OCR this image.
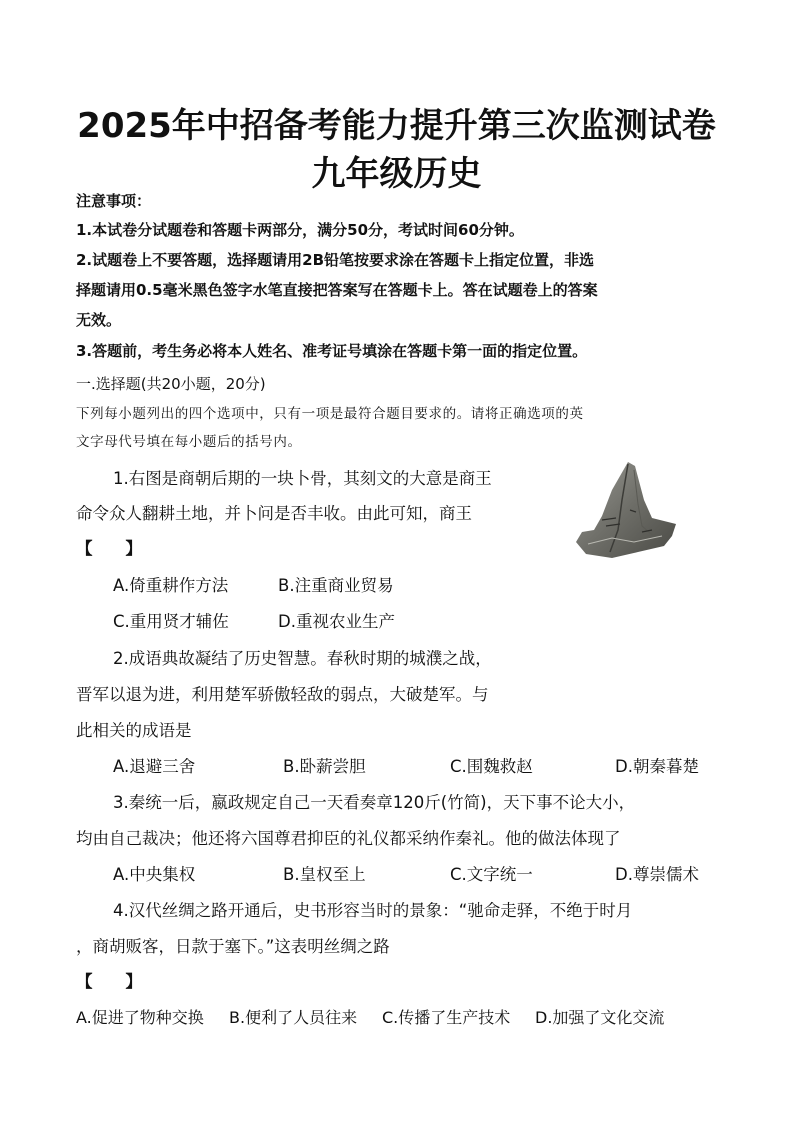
2025年中招备考能力提升第三次监测试卷
九年级历史
注意事项：
1.本试卷分试题卷和答题卡两部分，满分50分，考试时间60分钟。
2.试题卷上不要答题，选择题请用2B铅笔按要求涂在答题卡上指定位置，非选
择题请用0.5毫米黑色签字水笔直接把答案写在答题卡上。答在试题卷上的答案
无效。
3.答题前，考生务必将本人姓名、准考证号填涂在答题卡第一面的指定位置。
一.选择题(共20小题，20分)
下列每小题列出的四个选项中，只有一项是最符合题目要求的。请将正确选项的英
文字母代号填在每小题后的括号内。
1.右图是商朝后期的一块卜骨，其刻文的大意是商王
命令众人翻耕土地，并卜问是否丰收。由此可知，商王
【　　】
A.倚重耕作方法	B.注重商业贸易
C.重用贤才辅佐	D.重视农业生产
2.成语典故凝结了历史智慧。春秋时期的城濮之战，
晋军以退为进，利用楚军骄傲轻敌的弱点，大破楚军。与
此相关的成语是
A.退避三舍	B.卧薪尝胆	C.围魏救赵	D.朝秦暮楚
3.秦统一后，嬴政规定自己一天看奏章120斤(竹简)，天下事不论大小，
均由自己裁决；他还将六国尊君抑臣的礼仪都采纳作秦礼。他的做法体现了
A.中央集权	B.皇权至上	C.文字统一	D.尊崇儒术
4.汉代丝绸之路开通后，史书形容当时的景象：“驰命走驿，不绝于时月
，商胡贩客，日款于塞下。”这表明丝绸之路
【　　】
A.促进了物种交换 B.便利了人员往来 C.传播了生产技术 D.加强了文化交流
